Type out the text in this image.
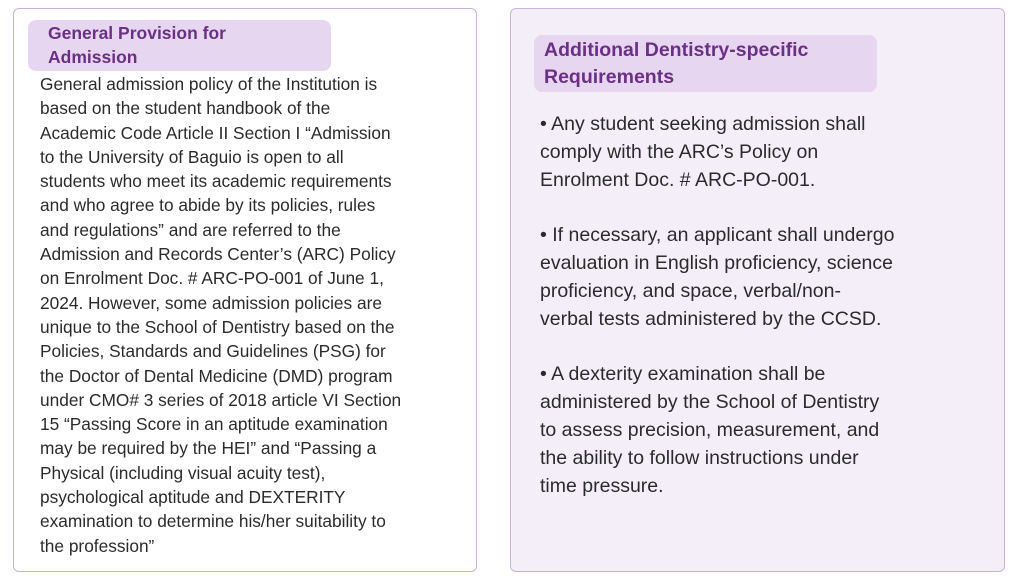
General Provision for
Admission

General admission policy of the Institution is
based on the student handbook of the
Academic Code Article II Section I “Admission
to the University of Baguio is open to all
students who meet its academic requirements
and who agree to abide by its policies, rules
and regulations” and are referred to the
Admission and Records Center’s (ARC) Policy
on Enrolment Doc. # ARC-PO-001 of June 1,
2024. However, some admission policies are
unique to the School of Dentistry based on the
Policies, Standards and Guidelines (PSG) for
the Doctor of Dental Medicine (DMD) program
under CMO# 3 series of 2018 article VI Section
15 “Passing Score in an aptitude examination
may be required by the HEI” and “Passing a
Physical (including visual acuity test),
psychological aptitude and DEXTERITY
examination to determine his/her suitability to
the profession”

Additional Dentistry-specific
Requirements
• Any student seeking admission shall
comply with the ARC’s Policy on
Enrolment Doc. # ARC-PO-001.
• If necessary, an applicant shall undergo
evaluation in English proficiency, science
proficiency, and space, verbal/non-
verbal tests administered by the CCSD.
• A dexterity examination shall be
administered by the School of Dentistry
to assess precision, measurement, and
the ability to follow instructions under
time pressure.
